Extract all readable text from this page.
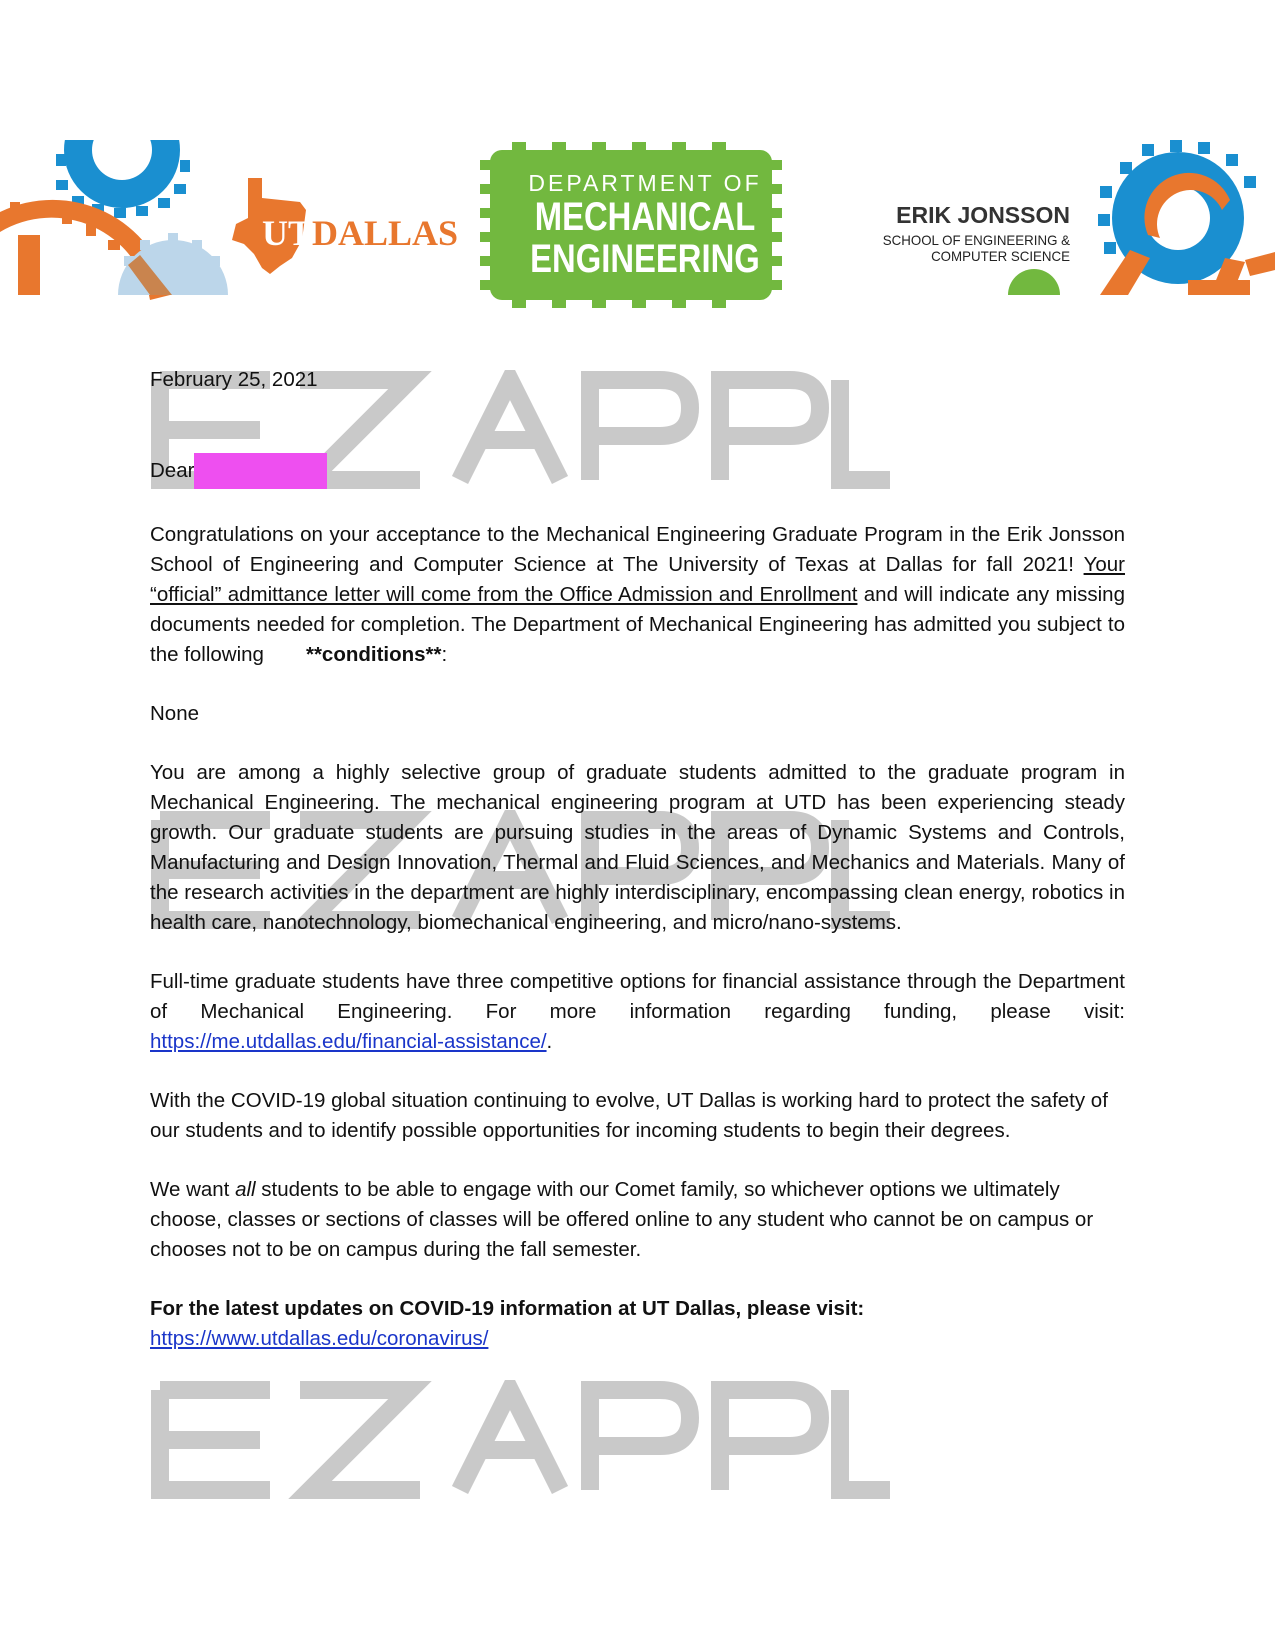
UTDALLAS
DEPARTMENT OF
MECHANICAL
ENGINEERING
ERIK JONSSON
SCHOOL OF ENGINEERING & COMPUTER SCIENCE

February 25, 2021

Dear

Congratulations on your acceptance to the Mechanical Engineering Graduate Program in the Erik Jonsson School of Engineering and Computer Science at The University of Texas at Dallas for fall 2021! Your “official” admittance letter will come from the Office Admission and Enrollment and will indicate any missing documents needed for completion. The Department of Mechanical Engineering has admitted you subject to the following **conditions**:

None

You are among a highly selective group of graduate students admitted to the graduate program in Mechanical Engineering. The mechanical engineering program at UTD has been experiencing steady growth. Our graduate students are pursuing studies in the areas of Dynamic Systems and Controls, Manufacturing and Design Innovation, Thermal and Fluid Sciences, and Mechanics and Materials. Many of the research activities in the department are highly interdisciplinary, encompassing clean energy, robotics in health care, nanotechnology, biomechanical engineering, and micro/nano-systems.

Full-time graduate students have three competitive options for financial assistance through the Department of Mechanical Engineering. For more information regarding funding, please visit: https://me.utdallas.edu/financial-assistance/.

With the COVID-19 global situation continuing to evolve, UT Dallas is working hard to protect the safety of our students and to identify possible opportunities for incoming students to begin their degrees.

We want all students to be able to engage with our Comet family, so whichever options we ultimately choose, classes or sections of classes will be offered online to any student who cannot be on campus or chooses not to be on campus during the fall semester.

For the latest updates on COVID-19 information at UT Dallas, please visit:
https://www.utdallas.edu/coronavirus/
